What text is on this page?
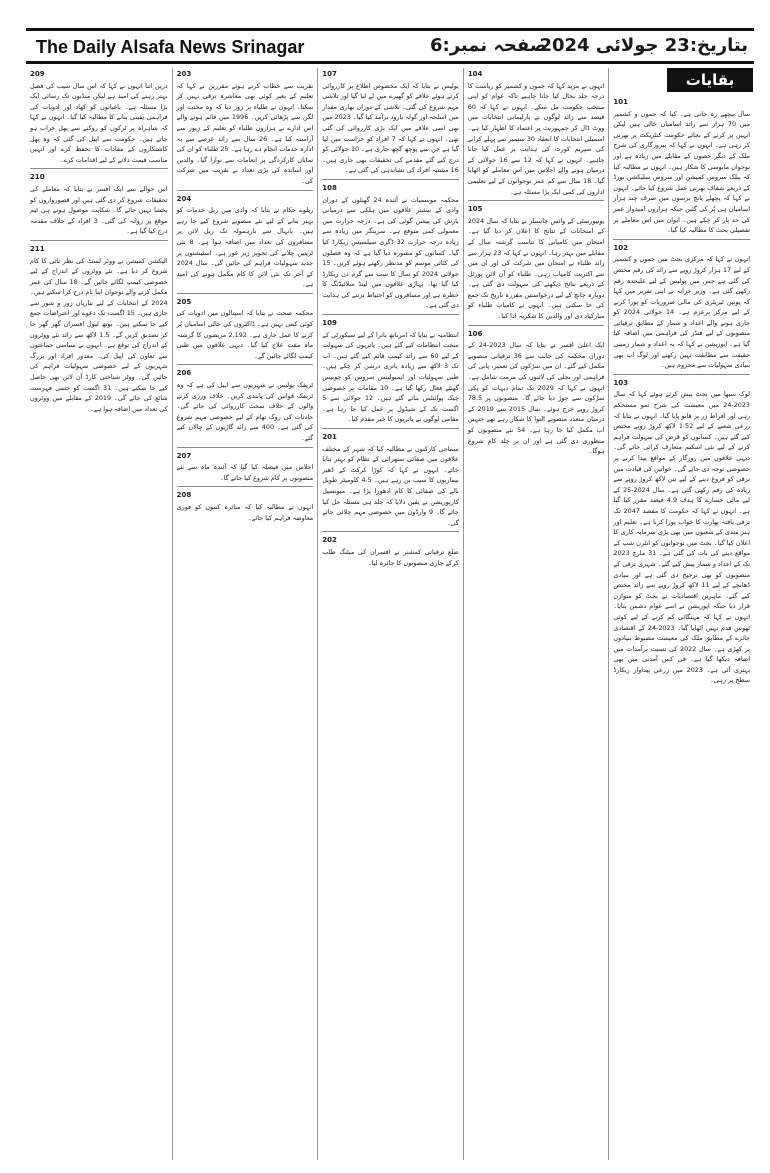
The Daily Alsafa News Srinagar	صفحہ نمبر:6
بتاریخ:23 جولائی 2024
101
سال پیچھے رہ جاتی ہے۔ کیا کہ جموں و کشمیر میں 70 ہزار سے زائد اسامیاں خالی ہیں لیکن انہیں پر کرنے کے بجائے حکومت کنٹریکٹ پر بھرتی کر رہی ہے۔ انہوں نے کہا کہ بیروزگاری کی شرح ملک کے دیگر حصوں کے مقابلے میں زیادہ ہے اور نوجوان مایوسی کا شکار ہیں۔ انہوں نے مطالبہ کیا کہ پبلک سروس کمیشن اور سروس سلیکشن بورڈ کے ذریعے شفاف بھرتی عمل شروع کیا جائے۔ انہوں نے کہا کہ پچھلے پانچ برسوں میں صرف چند ہزار اسامیاں ہی پُر کی گئیں جبکہ ہزاروں امیدوار عمر کی حد پار کر چکے ہیں۔ ایوان میں اس معاملے پر تفصیلی بحث کا مطالبہ کیا گیا۔
102
انہوں نے کہا کہ مرکزی بجٹ میں جموں و کشمیر کے لیے 17 ہزار کروڑ روپے سے زائد کی رقم مختص کی گئی ہے جس میں پولیس کے لیے علیحدہ رقم رکھی گئی ہے۔ وزیر خزانہ نے اپنی تقریر میں کہا کہ یونین ٹیریٹری کی مالی ضروریات کو پورا کرنے کے لیے مرکز پرعزم ہے۔ 14 جولائی 2024 کو جاری ہونے والے اعداد و شمار کے مطابق ترقیاتی منصوبوں کے لیے فنڈز کی فراہمی میں اضافہ کیا گیا ہے۔ اپوزیشن نے کہا کہ یہ اعداد و شمار زمینی حقیقت سے مطابقت نہیں رکھتے اور لوگ اب بھی بنیادی سہولیات سے محروم ہیں۔
103
لوک سبھا میں بجٹ پیش کرتے ہوئے کہا کہ سال 2023-24 میں معیشت کی شرح نمو مستحکم رہی اور افراط زر پر قابو پایا گیا۔ انہوں نے بتایا کہ زرعی شعبے کے لیے 1.52 لاکھ کروڑ روپے مختص کیے گئے ہیں۔ کسانوں کو قرض کی سہولت فراہم کرنے کے لیے نئی اسکیم متعارف کرائی جائے گی۔ دیہی علاقوں میں روزگار کے مواقع پیدا کرنے پر خصوصی توجہ دی جائے گی۔ خواتین کی قیادت میں ترقی کو فروغ دینے کے لیے تین لاکھ کروڑ روپے سے زیادہ کی رقم رکھی گئی ہے۔ سال 2024-25 کے لیے مالی خسارے کا ہدف 4.9 فیصد مقرر کیا گیا ہے۔ انہوں نے کہا کہ حکومت کا مقصد 2047 تک ترقی یافتہ بھارت کا خواب پورا کرنا ہے۔ تعلیم اور ہنر مندی کے شعبوں میں بھی بڑی سرمایہ کاری کا اعلان کیا گیا۔ بجٹ میں نوجوانوں کو انٹرن شپ کے مواقع دینے کی بات کی گئی ہے۔ 31 مارچ 2023 تک کے اعداد و شمار پیش کیے گئے۔ شہری ترقی کے منصوبوں کو بھی ترجیح دی گئی ہے اور بنیادی ڈھانچے کے لیے 11 لاکھ کروڑ روپے سے زائد مختص کیے گئے۔ ماہرین اقتصادیات نے بجٹ کو متوازن قرار دیا جبکہ اپوزیشن نے اسے عوام دشمن بتایا۔ انہوں نے کہا کہ مہنگائی کم کرنے کے لیے کوئی ٹھوس قدم نہیں اٹھایا گیا۔ 2023-24 کے اقتصادی جائزے کے مطابق ملک کی معیشت مضبوط بنیادوں پر کھڑی ہے۔ سال 2022 کی نسبت برآمدات میں اضافہ دیکھا گیا ہے۔ فی کس آمدنی میں بھی بہتری آئی ہے۔ 2023 میں زرعی پیداوار ریکارڈ سطح پر رہی۔
104
انہوں نے مزید کہا کہ جموں و کشمیر کو ریاست کا درجہ جلد بحال کیا جانا چاہیے تاکہ عوام کو اپنی منتخب حکومت مل سکے۔ انہوں نے کہا کہ 60 فیصد سے زائد لوگوں نے پارلیمانی انتخابات میں ووٹ ڈال کر جمہوریت پر اعتماد کا اظہار کیا ہے۔ اسمبلی انتخابات کا انعقاد 30 ستمبر سے پہلے کرانے کی سپریم کورٹ کی ہدایت پر عمل کیا جانا چاہیے۔ انہوں نے کہا کہ 12 سے 16 جولائی کے درمیان ہونے والے اجلاس میں اس معاملے کو اٹھایا گیا۔ 18 سال سے کم عمر نوجوانوں کے لیے تعلیمی اداروں کی کمی ایک بڑا مسئلہ ہے۔
105
یونیورسٹی کے وائس چانسلر نے بتایا کہ سال 2024 کے امتحانات کے نتائج کا اعلان کر دیا گیا ہے۔ امتحان میں کامیابی کا تناسب گزشتہ سال کے مقابلے میں بہتر رہا۔ انہوں نے کہا کہ 23 ہزار سے زائد طلباء نے امتحان میں شرکت کی اور ان میں سے اکثریت کامیاب رہی۔ طلباء کو آن لائن پورٹل کے ذریعے نتائج دیکھنے کی سہولت دی گئی ہے۔ دوبارہ جانچ کے لیے درخواستیں مقررہ تاریخ تک جمع کی جا سکتی ہیں۔ انہوں نے کامیاب طلباء کو مبارکباد دی اور والدین کا شکریہ ادا کیا۔
106
ایک اعلیٰ افسر نے بتایا کہ سال 2023-24 کے دوران محکمہ کی جانب سے 36 ترقیاتی منصوبے مکمل کیے گئے۔ ان میں سڑکوں کی تعمیر، پانی کی فراہمی اور بجلی کی لائنوں کی مرمت شامل ہے۔ انہوں نے کہا کہ 2029 تک تمام دیہات کو پکی سڑکوں سے جوڑ دیا جائے گا۔ منصوبوں پر 78.5 کروڑ روپے خرچ ہوئے۔ سال 2015 سے 2019 کے درمیان متعدد منصوبے التوا کا شکار رہے تھے جنہیں اب مکمل کیا جا رہا ہے۔ 54 نئے منصوبوں کو منظوری دی گئی ہے اور ان پر جلد کام شروع ہوگا۔
107
پولیس نے بتایا کہ ایک مخصوص اطلاع پر کارروائی کرتے ہوئے علاقے کو گھیرے میں لے لیا گیا اور تلاشی مہم شروع کی گئی۔ تلاشی کے دوران بھاری مقدار میں اسلحہ اور گولہ بارود برآمد کیا گیا۔ 2023 میں بھی اسی علاقے میں ایک بڑی کارروائی کی گئی تھی۔ انہوں نے کہا کہ 7 افراد کو حراست میں لیا گیا ہے جن سے پوچھ گچھ جاری ہے۔ 10 جولائی کو درج کیے گئے مقدمے کی تحقیقات بھی جاری ہیں۔ 16 مشتبہ افراد کی نشاندہی کی گئی ہے۔
108
محکمہ موسمیات نے آئندہ 24 گھنٹوں کے دوران وادی کے بیشتر علاقوں میں ہلکی سے درمیانی بارش کی پیشن گوئی کی ہے۔ درجہ حرارت میں معمولی کمی متوقع ہے۔ سرینگر میں زیادہ سے زیادہ درجہ حرارت 32 ڈگری سیلسیس ریکارڈ کیا گیا۔ کسانوں کو مشورہ دیا گیا ہے کہ وہ فصلوں کی کٹائی موسم کو مدنظر رکھتے ہوئے کریں۔ 15 جولائی 2024 کو سال کا سب سے گرم دن ریکارڈ کیا گیا تھا۔ پہاڑی علاقوں میں لینڈ سلائیڈنگ کا خطرہ ہے اور مسافروں کو احتیاط برتنے کی ہدایت دی گئی ہے۔
109
انتظامیہ نے بتایا کہ امرناتھ یاترا کے لیے سیکورٹی کے سخت انتظامات کیے گئے ہیں۔ یاتریوں کی سہولت کے لیے 60 سے زائد کیمپ قائم کیے گئے ہیں۔ اب تک 3 لاکھ سے زیادہ یاتری درشن کر چکے ہیں۔ طبی سہولیات اور ایمبولینس سروس کو چوبیس گھنٹے فعال رکھا گیا ہے۔ 10 مقامات پر خصوصی چیک پوائنٹس بنائے گئے ہیں۔ 12 جولائی سے 5 اگست تک کے شیڈول پر عمل کیا جا رہا ہے۔ مقامی لوگوں نے یاتریوں کا خیر مقدم کیا۔
201
سماجی کارکنوں نے مطالبہ کیا کہ شہر کے مختلف علاقوں میں صفائی ستھرائی کے نظام کو بہتر بنایا جائے۔ انہوں نے کہا کہ کوڑا کرکٹ کے ڈھیر بیماریوں کا سبب بن رہے ہیں۔ 4.5 کلومیٹر طویل نالے کی صفائی کا کام ادھورا پڑا ہے۔ میونسپل کارپوریشن نے یقین دلایا کہ جلد ہی مسئلہ حل کیا جائے گا۔ 9 وارڈوں میں خصوصی مہم چلائی جائے گی۔
202
ضلع ترقیاتی کمشنر نے افسران کی میٹنگ طلب کرکے جاری منصوبوں کا جائزہ لیا۔
203
تقریب سے خطاب کرتے ہوئے مقررین نے کہا کہ تعلیم کے بغیر کوئی بھی معاشرہ ترقی نہیں کر سکتا۔ انہوں نے طلباء پر زور دیا کہ وہ محنت اور لگن سے پڑھائی کریں۔ 1996 میں قائم ہونے والے اس ادارے نے ہزاروں طلباء کو تعلیم کے زیور سے آراستہ کیا ہے۔ 26 سال سے زائد عرصے سے یہ ادارہ خدمات انجام دے رہا ہے۔ 25 طلباء کو ان کی نمایاں کارکردگی پر انعامات سے نوازا گیا۔ والدین اور اساتذہ کی بڑی تعداد نے تقریب میں شرکت کی۔
204
ریلوے حکام نے بتایا کہ وادی میں ریل خدمات کو بہتر بنانے کے لیے نئے منصوبے شروع کیے جا رہے ہیں۔ بانہال سے بارہمولہ تک ریل لائن پر مسافروں کی تعداد میں اضافہ ہوا ہے۔ 8 نئی ٹرینیں چلانے کی تجویز زیر غور ہے۔ اسٹیشنوں پر جدید سہولیات فراہم کی جائیں گی۔ سال 2024 کے آخر تک نئی لائن کا کام مکمل ہونے کی امید ہے۔
205
محکمہ صحت نے بتایا کہ اسپتالوں میں ادویات کی کوئی کمی نہیں ہے۔ ڈاکٹروں کی خالی اسامیاں پُر کرنے کا عمل جاری ہے۔ 2,192 مریضوں کا گزشتہ ماہ مفت علاج کیا گیا۔ دیہی علاقوں میں طبی کیمپ لگائے جائیں گے۔
206
ٹریفک پولیس نے شہریوں سے اپیل کی ہے کہ وہ ٹریفک قوانین کی پابندی کریں۔ خلاف ورزی کرنے والوں کے خلاف سخت کارروائی کی جائے گی۔ حادثات کی روک تھام کے لیے خصوصی مہم شروع کی گئی ہے۔ 400 سے زائد گاڑیوں کے چالان کیے گئے۔
207
اجلاس میں فیصلہ کیا گیا کہ آئندہ ماہ سے نئے منصوبوں پر کام شروع کیا جائے گا۔
208
انہوں نے مطالبہ کیا کہ متاثرہ کنبوں کو فوری معاوضہ فراہم کیا جائے۔
209
دریں اثنا انہوں نے کہا کہ اس سال سیب کی فصل بہتر رہنے کی امید ہے لیکن منڈیوں تک رسائی ایک بڑا مسئلہ ہے۔ باغبانوں کو کھاد اور ادویات کی فراہمی یقینی بنانے کا مطالبہ کیا گیا۔ انہوں نے کہا کہ شاہراہ پر ٹرکوں کو روکنے سے پھل خراب ہو جاتے ہیں۔ حکومت سے اپیل کی گئی کہ وہ پھل کاشتکاروں کے مفادات کا تحفظ کرے اور انہیں مناسب قیمت دلانے کے لیے اقدامات کرے۔
210
اس حوالے سے ایک افسر نے بتایا کہ معاملے کی تحقیقات شروع کر دی گئی ہیں اور قصورواروں کو بخشا نہیں جائے گا۔ شکایت موصول ہوتے ہی ٹیم موقع پر روانہ کی گئی۔ 3 افراد کے خلاف مقدمہ درج کیا گیا ہے۔
211
الیکشن کمیشن نے ووٹر لسٹ کی نظر ثانی کا کام شروع کر دیا ہے۔ نئے ووٹروں کے اندراج کے لیے خصوصی کیمپ لگائے جائیں گے۔ 18 سال کی عمر مکمل کرنے والے نوجوان اپنا نام درج کرا سکتے ہیں۔ 2024 کے انتخابات کے لیے تیاریاں زور و شور سے جاری ہیں۔ 15 اگست تک دعوے اور اعتراضات جمع کیے جا سکتے ہیں۔ بوتھ لیول افسران گھر گھر جا کر تصدیق کریں گے۔ 1.5 لاکھ سے زائد نئے ووٹروں کے اندراج کی توقع ہے۔ انہوں نے سیاسی جماعتوں سے تعاون کی اپیل کی۔ معذور افراد اور بزرگ شہریوں کے لیے خصوصی سہولیات فراہم کی جائیں گی۔ ووٹر شناختی کارڈ آن لائن بھی حاصل کیے جا سکتے ہیں۔ 31 اگست کو حتمی فہرست شائع کی جائے گی۔ 2019 کے مقابلے میں ووٹروں کی تعداد میں اضافہ ہوا ہے۔
بقایات
